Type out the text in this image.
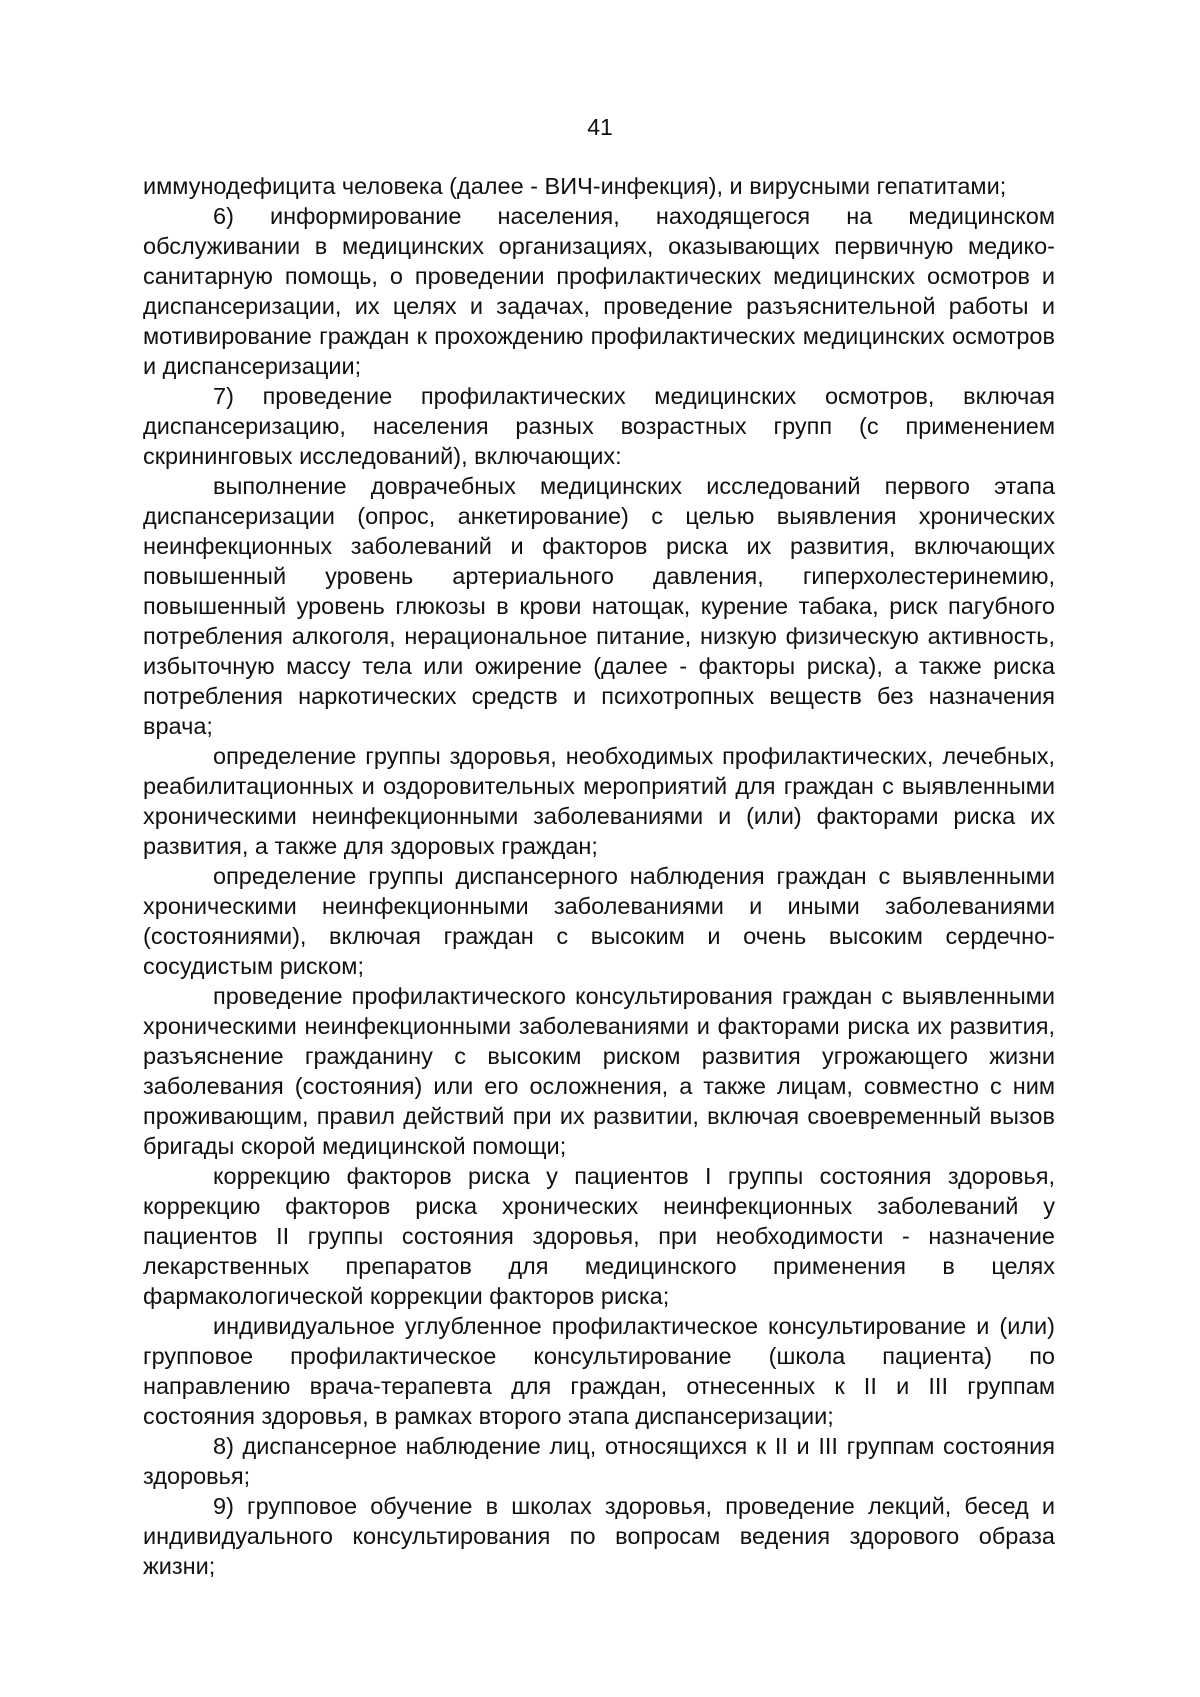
41

иммунодефицита человека (далее - ВИЧ-инфекция), и вирусными гепатитами;

6) информирование населения, находящегося на медицинском обслуживании в медицинских организациях, оказывающих первичную медико-санитарную помощь, о проведении профилактических медицинских осмотров и диспансеризации, их целях и задачах, проведение разъяснительной работы и мотивирование граждан к прохождению профилактических медицинских осмотров и диспансеризации;

7) проведение профилактических медицинских осмотров, включая диспансеризацию, населения разных возрастных групп (с применением скрининговых исследований), включающих:

выполнение доврачебных медицинских исследований первого этапа диспансеризации (опрос, анкетирование) с целью выявления хронических неинфекционных заболеваний и факторов риска их развития, включающих повышенный уровень артериального давления, гиперхолестеринемию, повышенный уровень глюкозы в крови натощак, курение табака, риск пагубного потребления алкоголя, нерациональное питание, низкую физическую активность, избыточную массу тела или ожирение (далее - факторы риска), а также риска потребления наркотических средств и психотропных веществ без назначения врача;

определение группы здоровья, необходимых профилактических, лечебных, реабилитационных и оздоровительных мероприятий для граждан с выявленными хроническими неинфекционными заболеваниями и (или) факторами риска их развития, а также для здоровых граждан;

определение группы диспансерного наблюдения граждан с выявленными хроническими неинфекционными заболеваниями и иными заболеваниями (состояниями), включая граждан с высоким и очень высоким сердечно-сосудистым риском;

проведение профилактического консультирования граждан с выявленными хроническими неинфекционными заболеваниями и факторами риска их развития, разъяснение гражданину с высоким риском развития угрожающего жизни заболевания (состояния) или его осложнения, а также лицам, совместно с ним проживающим, правил действий при их развитии, включая своевременный вызов бригады скорой медицинской помощи;

коррекцию факторов риска у пациентов I группы состояния здоровья, коррекцию факторов риска хронических неинфекционных заболеваний у пациентов II группы состояния здоровья, при необходимости - назначение лекарственных препаратов для медицинского применения в целях фармакологической коррекции факторов риска;

индивидуальное углубленное профилактическое консультирование и (или) групповое профилактическое консультирование (школа пациента) по направлению врача-терапевта для граждан, отнесенных к II и III группам состояния здоровья, в рамках второго этапа диспансеризации;

8) диспансерное наблюдение лиц, относящихся к II и III группам состояния здоровья;

9) групповое обучение в школах здоровья, проведение лекций, бесед и индивидуального консультирования по вопросам ведения здорового образа жизни;
